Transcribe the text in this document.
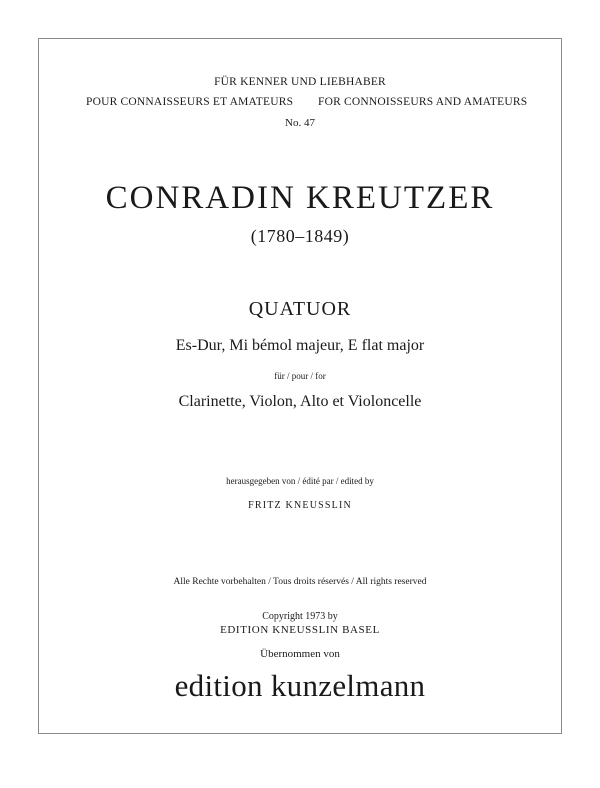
FÜR KENNER UND LIEBHABER
POUR CONNAISSEURS ET AMATEURS FOR CONNOISSEURS AND AMATEURS
No. 47
CONRADIN KREUTZER
(1780–1849)
QUATUOR
Es-Dur, Mi bémol majeur, E flat major
für / pour / for
Clarinette, Violon, Alto et Violoncelle
herausgegeben von / édité par / edited by
FRITZ KNEUSSLIN
Alle Rechte vorbehalten / Tous droits réservés / All rights reserved
Copyright 1973 by
EDITION KNEUSSLIN BASEL
Übernommen von
edition kunzelmann
